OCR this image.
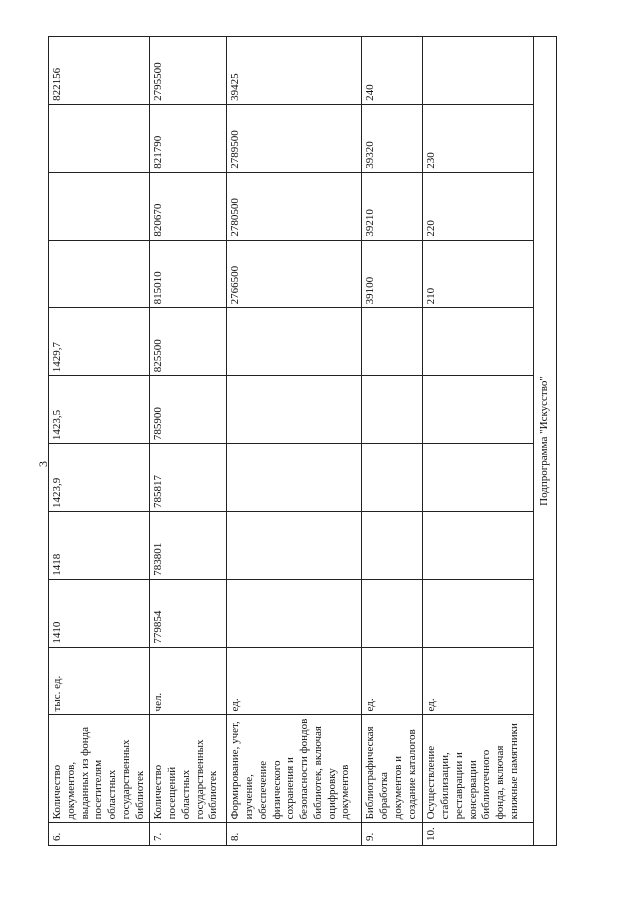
3
6.	Количество документов, выданных из фонда посетителям областных государственных библиотек	тыс. ед.	1410	1418	1423,9	1423,5	1429,7				822156
7.	Количество посещений областных государственных библиотек	чел.	779854	783801	785817	785900	825500	815010	820670	821790	2795500
8.	Формирование, учет, изучение, обеспечение физического сохранения и безопасности фондов библиотек, включая оцифровку документов	ед.						2766500	2780500	2789500	39425
9.	Библиографическая обработка документов и создание каталогов	ед.						39100	39210	39320	240
10.	Осуществление стабилизации, реставрации и консервации библиотечного фонда, включая книжные памятники	ед.						210	220	230	
Подпрограмма "Искусство"											
